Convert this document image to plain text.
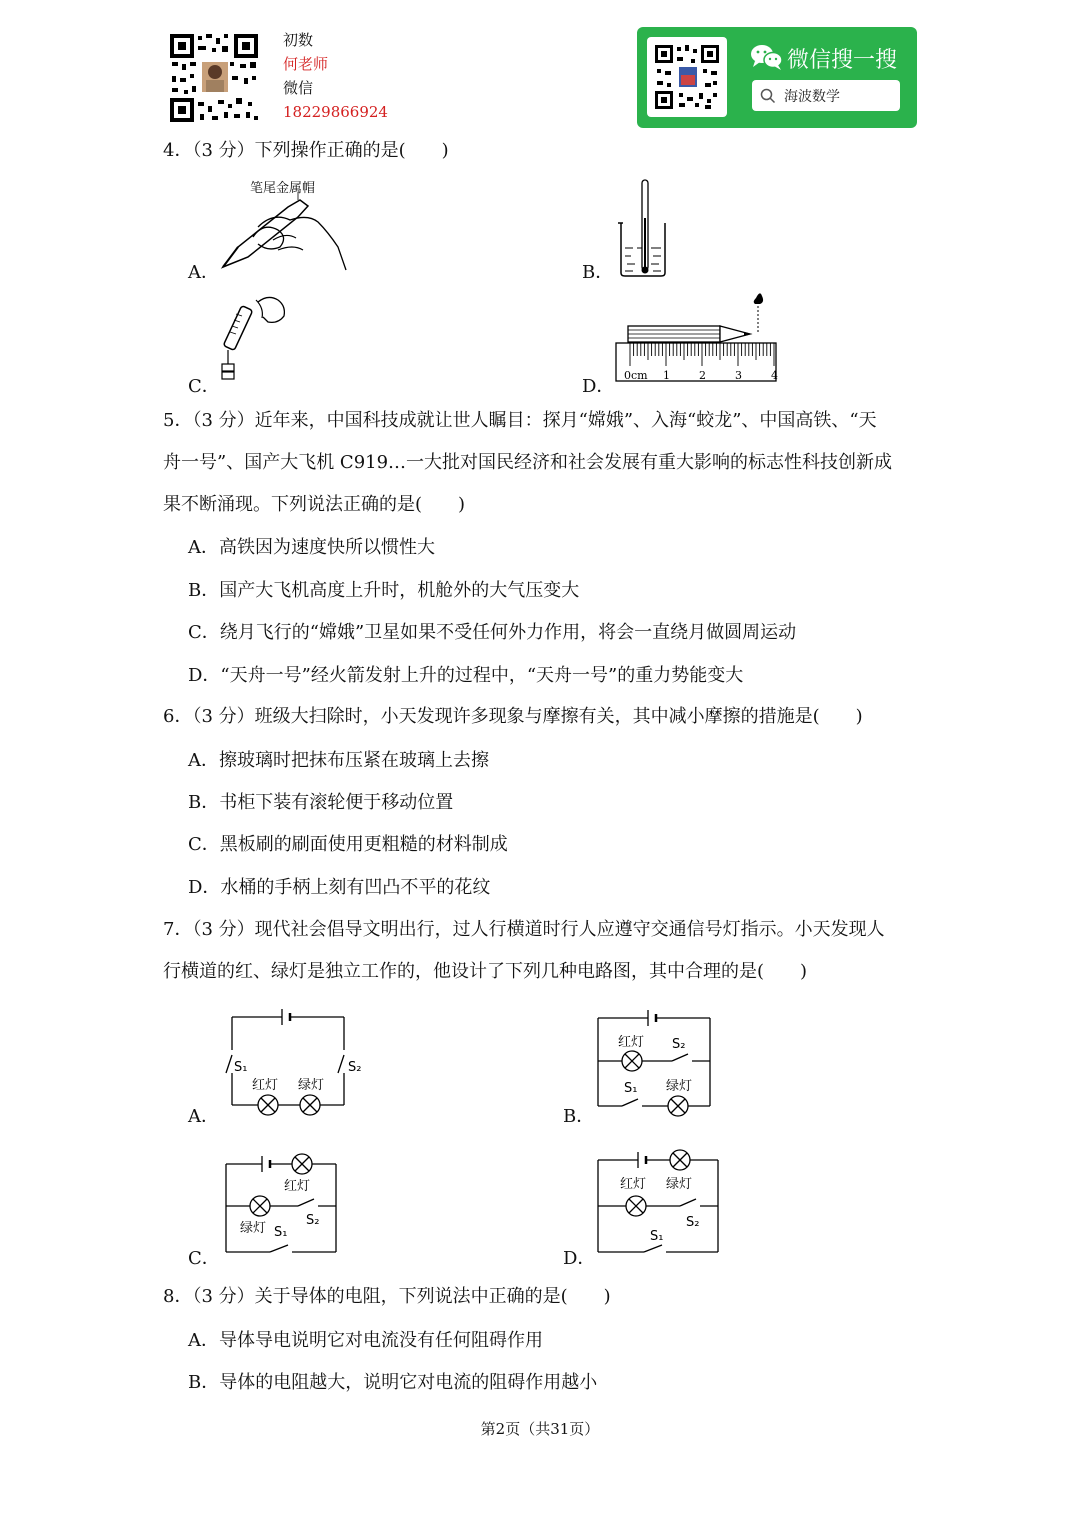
初数
何老师
微信
18229866924
微信搜一搜
海波数学
4．（3 分）下列操作正确的是(　　)
A．
笔尾金属帽
B．
C．	D．
0cm 1	2	3	4
5．（3 分）近年来，中国科技成就让世人瞩目：探月“嫦娥”、入海“蛟龙”、中国高铁、“天
舟一号”、国产大飞机 C919…一大批对国民经济和社会发展有重大影响的标志性科技创新成
果不断涌现。下列说法正确的是(　　)
A．高铁因为速度快所以惯性大
B．国产大飞机高度上升时，机舱外的大气压变大
C．绕月飞行的“嫦娥”卫星如果不受任何外力作用，将会一直绕月做圆周运动
D．“天舟一号”经火箭发射上升的过程中，“天舟一号”的重力势能变大
6．（3 分）班级大扫除时，小天发现许多现象与摩擦有关，其中减小摩擦的措施是(　　)
A．擦玻璃时把抹布压紧在玻璃上去擦
B．书柜下装有滚轮便于移动位置
C．黑板刷的刷面使用更粗糙的材料制成
D．水桶的手柄上刻有凹凸不平的花纹
7．（3 分）现代社会倡导文明出行，过人行横道时行人应遵守交通信号灯指示。小天发现人
行横道的红、绿灯是独立工作的，他设计了下列几种电路图，其中合理的是(　　)
A．
S₁	S₂
红灯 绿灯
B．
红灯 S₂
S₁ 绿灯
C．
红灯
S₂
绿灯 S₁
D．
红灯 绿灯
S₂
S₁
8．（3 分）关于导体的电阻，下列说法中正确的是(　　)
A．导体导电说明它对电流没有任何阻碍作用
B．导体的电阻越大，说明它对电流的阻碍作用越小
第2页（共31页）
